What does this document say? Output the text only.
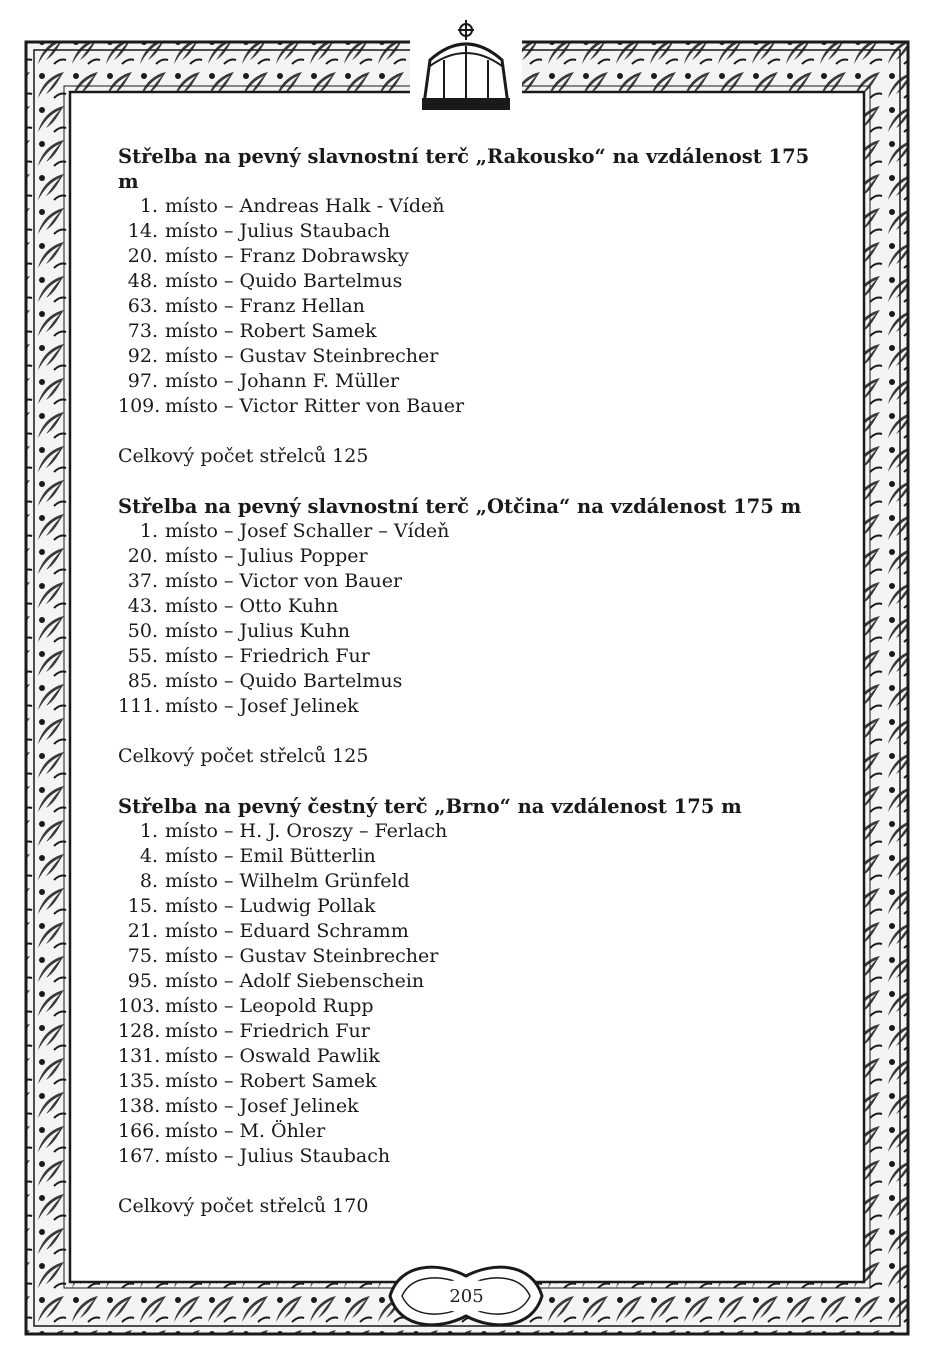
Střelba na pevný slavnostní terč „Rakousko“ na vzdálenost 175 m
1. místo – Andreas Halk - Vídeň
14. místo – Julius Staubach
20. místo – Franz Dobrawsky
48. místo – Quido Bartelmus
63. místo – Franz Hellan
73. místo – Robert Samek
92. místo – Gustav Steinbrecher
97. místo – Johann F. Müller
109. místo – Victor Ritter von Bauer

Celkový počet střelců 125

Střelba na pevný slavnostní terč „Otčina“ na vzdálenost 175 m
1. místo – Josef Schaller – Vídeň
20. místo – Julius Popper
37. místo – Victor von Bauer
43. místo – Otto Kuhn
50. místo – Julius Kuhn
55. místo – Friedrich Fur
85. místo – Quido Bartelmus
111. místo – Josef Jelinek

Celkový počet střelců 125

Střelba na pevný čestný terč „Brno“ na vzdálenost 175 m
1. místo – H. J. Oroszy – Ferlach
4. místo – Emil Bütterlin
8. místo – Wilhelm Grünfeld
15. místo – Ludwig Pollak
21. místo – Eduard Schramm
75. místo – Gustav Steinbrecher
95. místo – Adolf Siebenschein
103. místo – Leopold Rupp
128. místo – Friedrich Fur
131. místo – Oswald Pawlik
135. místo – Robert Samek
138. místo – Josef Jelinek
166. místo – M. Öhler
167. místo – Julius Staubach

Celkový počet střelců 170

205
